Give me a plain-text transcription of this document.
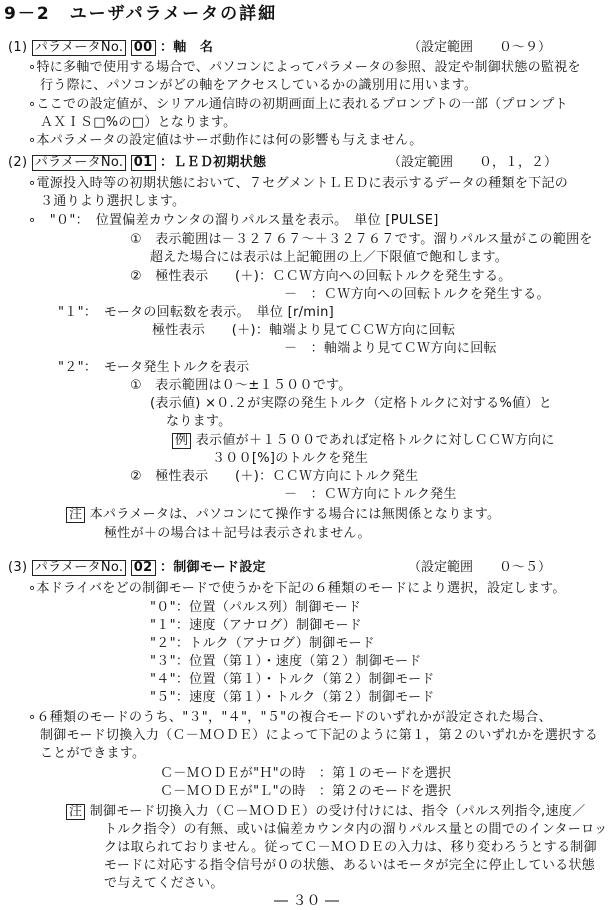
9－2　ユーザパラメータの詳細
(1) パラメータNo. 00 ：軸　名	（設定範囲　　０～９）
∘特に多軸で使用する場合で、パソコンによってパラメータの参照、設定や制御状態の監視を
行う際に、パソコンがどの軸をアクセスしているかの識別用に用います。
∘ここでの設定値が、シリアル通信時の初期画面上に表れるプロンプトの一部（プロンプト
ＡＸＩＳ□%の□）となります。
∘本パラメータの設定値はサーボ動作には何の影響も与えません。
(2) パラメータNo. 01 ：ＬＥＤ初期状態	（設定範囲　　０，１，２）
∘電源投入時等の初期状態において、７セグメントＬＥＤに表示するデータの種類を下記の
３通りより選択します。
∘　"０"：　位置偏差カウンタの溜りパルス量を表示。　単位 [PULSE]
①　表示範囲は－３２７６７～＋３２７６７です。溜りパルス量がこの範囲を
超えた場合には表示は上記範囲の上／下限値で飽和します。
②　極性表示　　(＋)：ＣＣＷ方向への回転トルクを発生する。
－　：ＣＷ方向への回転トルクを発生する。
"１"：　モータの回転数を表示。　単位 [r/min]
極性表示　　(＋)：軸端より見てＣＣＷ方向に回転
－　：軸端より見てＣＷ方向に回転
"２"：　モータ発生トルクを表示
①　表示範囲は０～±１５００です。
(表示値) ×０.２が実際の発生トルク（定格トルクに対する%値）と
なります。
例 表示値が＋１５００であれば定格トルクに対しＣＣＷ方向に
３００[%]のトルクを発生
②　極性表示　　(＋)：ＣＣＷ方向にトルク発生
－　：ＣＷ方向にトルク発生
注 本パラメータは、パソコンにて操作する場合には無関係となります。
極性が＋の場合は＋記号は表示されません。
(3) パラメータNo. 02 ：制御モード設定	（設定範囲　　０～５）
∘本ドライバをどの制御モードで使うかを下記の６種類のモードにより選択，設定します。
"０"：位置（パルス列）制御モード
"１"：速度（アナログ）制御モード
"２"：トルク（アナログ）制御モード
"３"：位置（第１）・速度（第２）制御モード
"４"：位置（第１）・トルク（第２）制御モード
"５"：速度（第１）・トルク（第２）制御モード
∘６種類のモードのうち、"３"，"４"，"５"の複合モードのいずれかが設定された場合、
制御モード切換入力（Ｃ－ＭＯＤＥ）によって下記のように第１，第２のいずれかを選択する
ことができます。
Ｃ－ＭＯＤＥが"Ｈ"の時　：第１のモードを選択
Ｃ－ＭＯＤＥが"Ｌ"の時　：第２のモードを選択
注 制御モード切換入力（Ｃ－ＭＯＤＥ）の受け付けには、指令（パルス列指令,速度／
トルク指令）の有無、或いは偏差カウンタ内の溜りパルス量との間でのインターロッ
クは取られておりません。従ってＣ－ＭＯＤＥの入力は、移り変わろうとする制御
モードに対応する指令信号が０の状態、あるいはモータが完全に停止している状態
で与えてください。
― ３０ ―
